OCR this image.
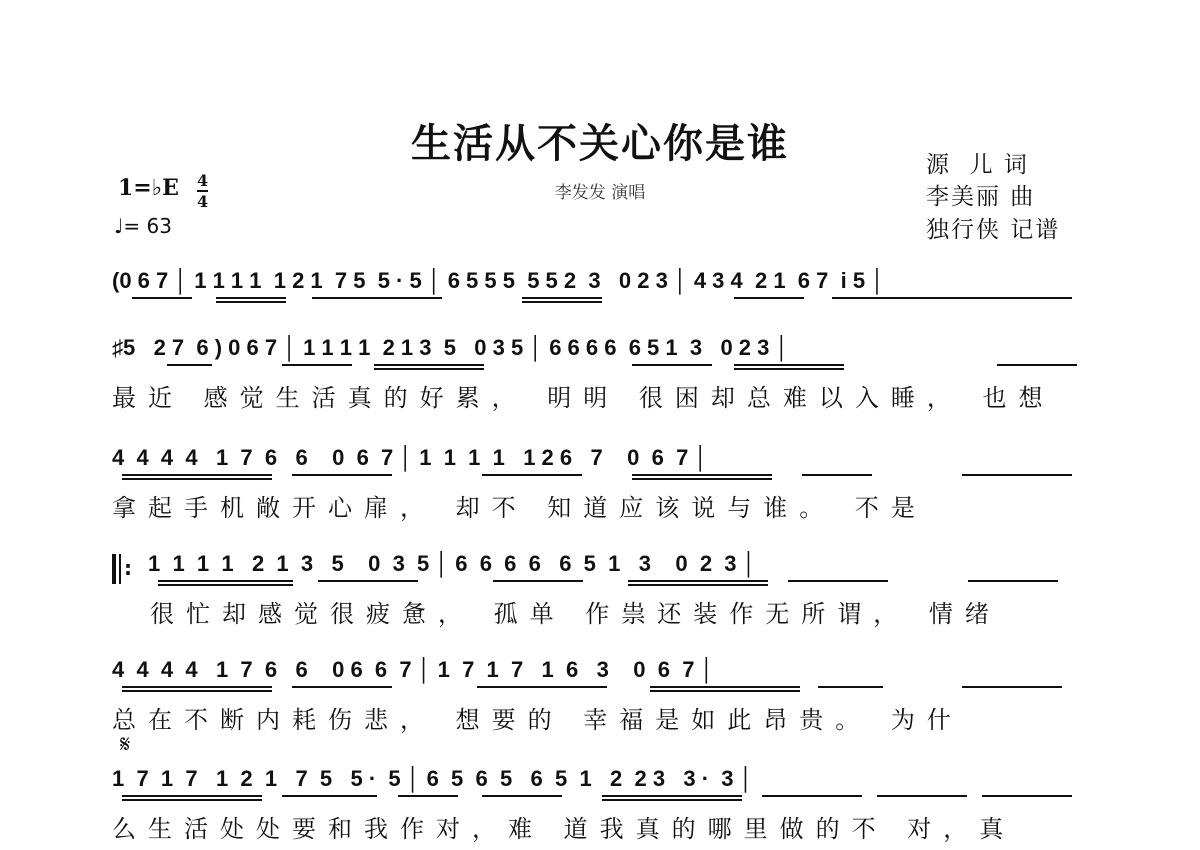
生活从不关心你是谁
李发发 演唱
源  儿 词
李美丽 曲
独行侠 记谱
1=♭E 4
4
♩= 63
(0 6 7 │ 1 1 1 1  1 2 1  7 5  5 · 5 │ 6 5 5 5  5 5 2  3   0 2 3 │ 4 3 4  2 1  6 7  i 5 │
♯5   2 7  6 ) 0 6 7 │ 1 1 1 1  2 1 3  5   0 3 5 │ 6 6 6 6  6 5 1  3   0 2 3 │
最近 感觉生活真的好累， 明明 很困却总难以入睡， 也想
4  4  4  4   1  7  6   6    0  6  7 │ 1  1  1  1   1 2 6   7    0  6  7 │
拿起手机敞开心扉， 却不 知道应该说与谁。 不是
: 1  1  1  1   2  1  3   5    0  3  5 │ 6  6  6  6   6  5  1   3    0  2  3 │
很忙却感觉很疲惫， 孤单 作祟还装作无所谓， 情绪
4  4  4  4   1  7  6   6    0 6  6  7 │ 1  7  1  7   1  6   3    0  6  7 │
总在不断内耗伤悲， 想要的 幸福是如此昂贵。 为什
𝄋
1  7  1  7   1  2  1   7  5   5 ·  5 │ 6  5  6  5   6  5  1   2  2 3   3 ·  3 │
么生活处处要和我作对，难 道我真的哪里做的不 对，真
